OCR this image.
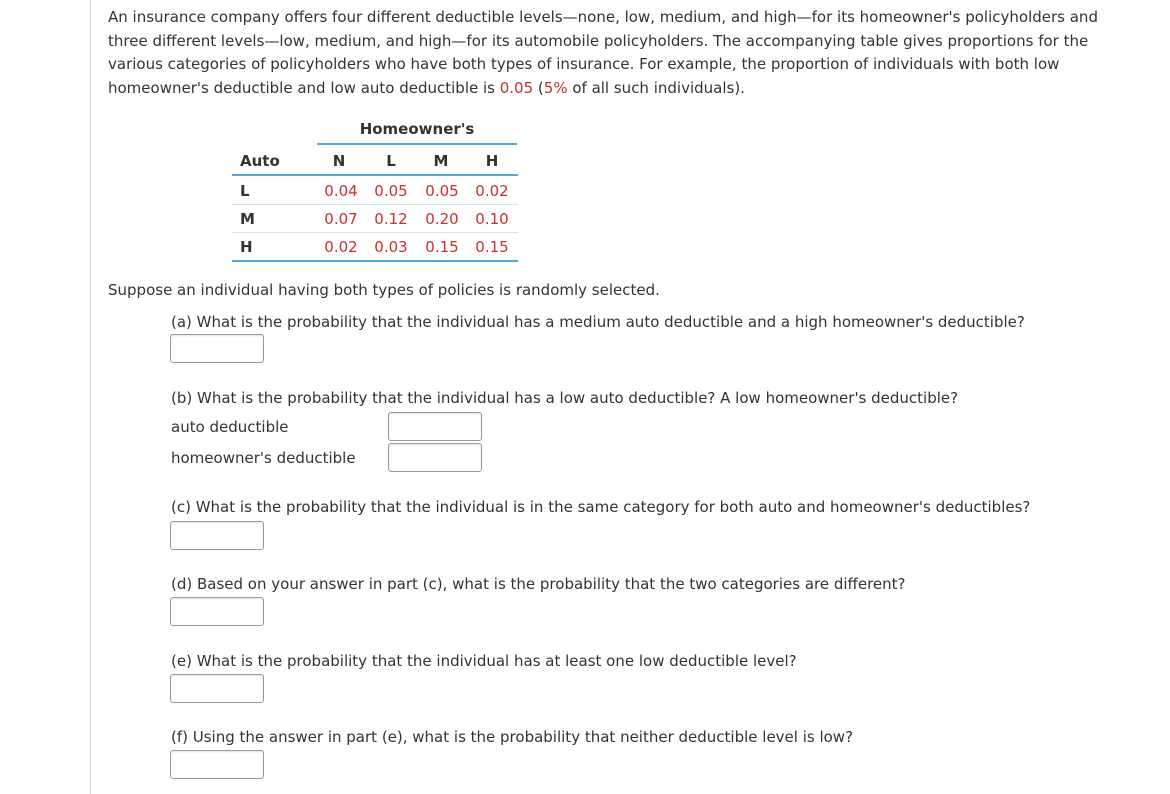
An insurance company offers four different deductible levels—none, low, medium, and high—for its homeowner's policyholders and three different levels—low, medium, and high—for its automobile policyholders. The accompanying table gives proportions for the various categories of policyholders who have both types of insurance. For example, the proportion of individuals with both low homeowner's deductible and low auto deductible is 0.05 (5% of all such individuals).
Homeowner's
Auto	N	L	M	H
L	0.04	0.05	0.05	0.02
M	0.07	0.12	0.20	0.10
H	0.02	0.03	0.15	0.15
Suppose an individual having both types of policies is randomly selected.
(a) What is the probability that the individual has a medium auto deductible and a high homeowner's deductible?
(b) What is the probability that the individual has a low auto deductible? A low homeowner's deductible?
auto deductible
homeowner's deductible
(c) What is the probability that the individual is in the same category for both auto and homeowner's deductibles?
(d) Based on your answer in part (c), what is the probability that the two categories are different?
(e) What is the probability that the individual has at least one low deductible level?
(f) Using the answer in part (e), what is the probability that neither deductible level is low?
